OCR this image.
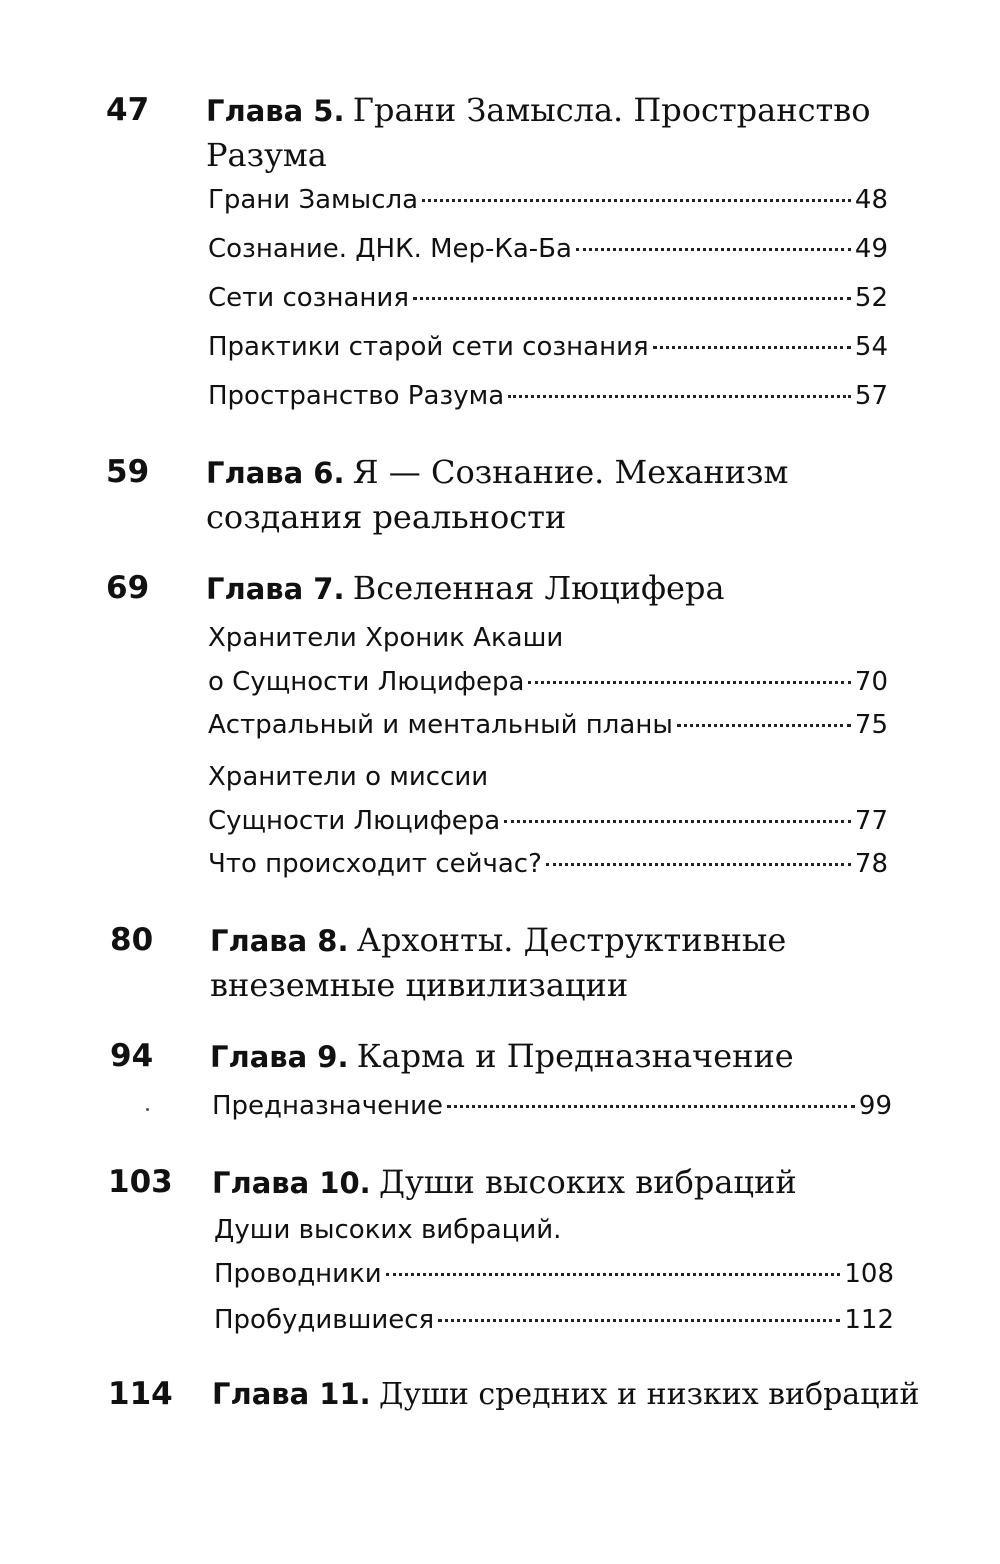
47 Глава 5. Грани Замысла. Пространство Разума
Грани Замысла	48
Сознание. ДНК. Мер-Ка-Ба	49
Сети сознания	52
Практики старой сети сознания	54
Пространство Разума	57
59 Глава 6. Я — Сознание. Механизм создания реальности
69 Глава 7. Вселенная Люцифера
Хранители Хроник Акаши
о Сущности Люцифера	70
Астральный и ментальный планы	75
Хранители о миссии
Сущности Люцифера	77
Что происходит сейчас?	78
80 Глава 8. Архонты. Деструктивные внеземные цивилизации
94 Глава 9. Карма и Предназначение
Предназначение	99
103 Глава 10. Души высоких вибраций
Души высоких вибраций.
Проводники	108
Пробудившиеся	112
114 Глава 11. Души средних и низких вибраций
